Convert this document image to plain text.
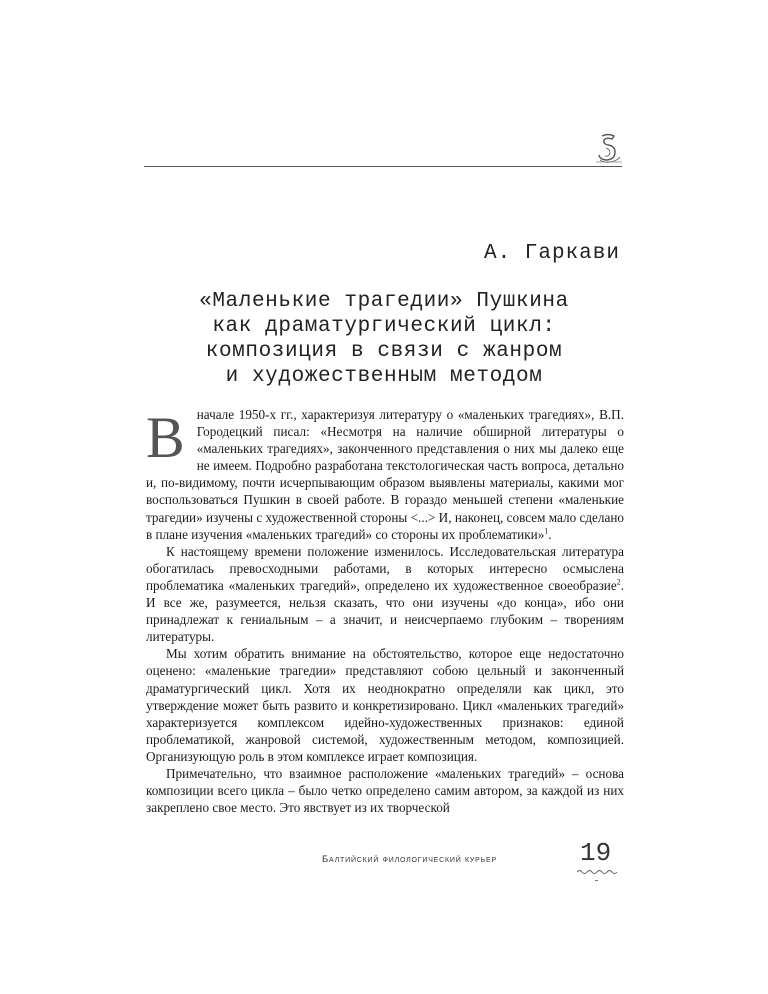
А. Гаркави
«Маленькие трагедии» Пушкина
как драматургический цикл:
композиция в связи с жанром
и художественным методом

Вначале 1950-х гг., характеризуя литературу о «маленьких трагедиях», В.П. Городецкий писал: «Несмотря на наличие обширной литературы о «маленьких трагедиях», законченного представления о них мы далеко еще не имеем. Подробно разработана текстологическая часть вопроса, детально и, по-видимому, почти исчерпывающим образом выявлены материалы, какими мог воспользоваться Пушкин в своей работе. В гораздо меньшей степени «маленькие трагедии» изучены с художественной стороны <...> И, наконец, совсем мало сделано в плане изучения «маленьких трагедий» со стороны их проблематики»$^1$.

К настоящему времени положение изменилось. Исследовательская литература обогатилась превосходными работами, в которых интересно осмыслена проблематика «маленьких трагедий», определено их художественное своеобразие$^2$. И все же, разумеется, нельзя сказать, что они изучены «до конца», ибо они принадлежат к гениальным – а значит, и неисчерпаемо глубоким – творениям литературы.

Мы хотим обратить внимание на обстоятельство, которое еще недостаточно оценено: «маленькие трагедии» представляют собою цельный и законченный драматургический цикл. Хотя их неоднократно определяли как цикл, это утверждение может быть развито и конкретизировано. Цикл «маленьких трагедий» характеризуется комплексом идейно-художественных признаков: единой проблематикой, жанровой системой, художественным методом, композицией. Организующую роль в этом комплексе играет композиция.

Примечательно, что взаимное расположение «маленьких трагедий» – основа композиции всего цикла – было четко определено самим автором, за каждой из них закреплено свое место. Это явствует из их творческой

Балтийский филологический курьер	19
